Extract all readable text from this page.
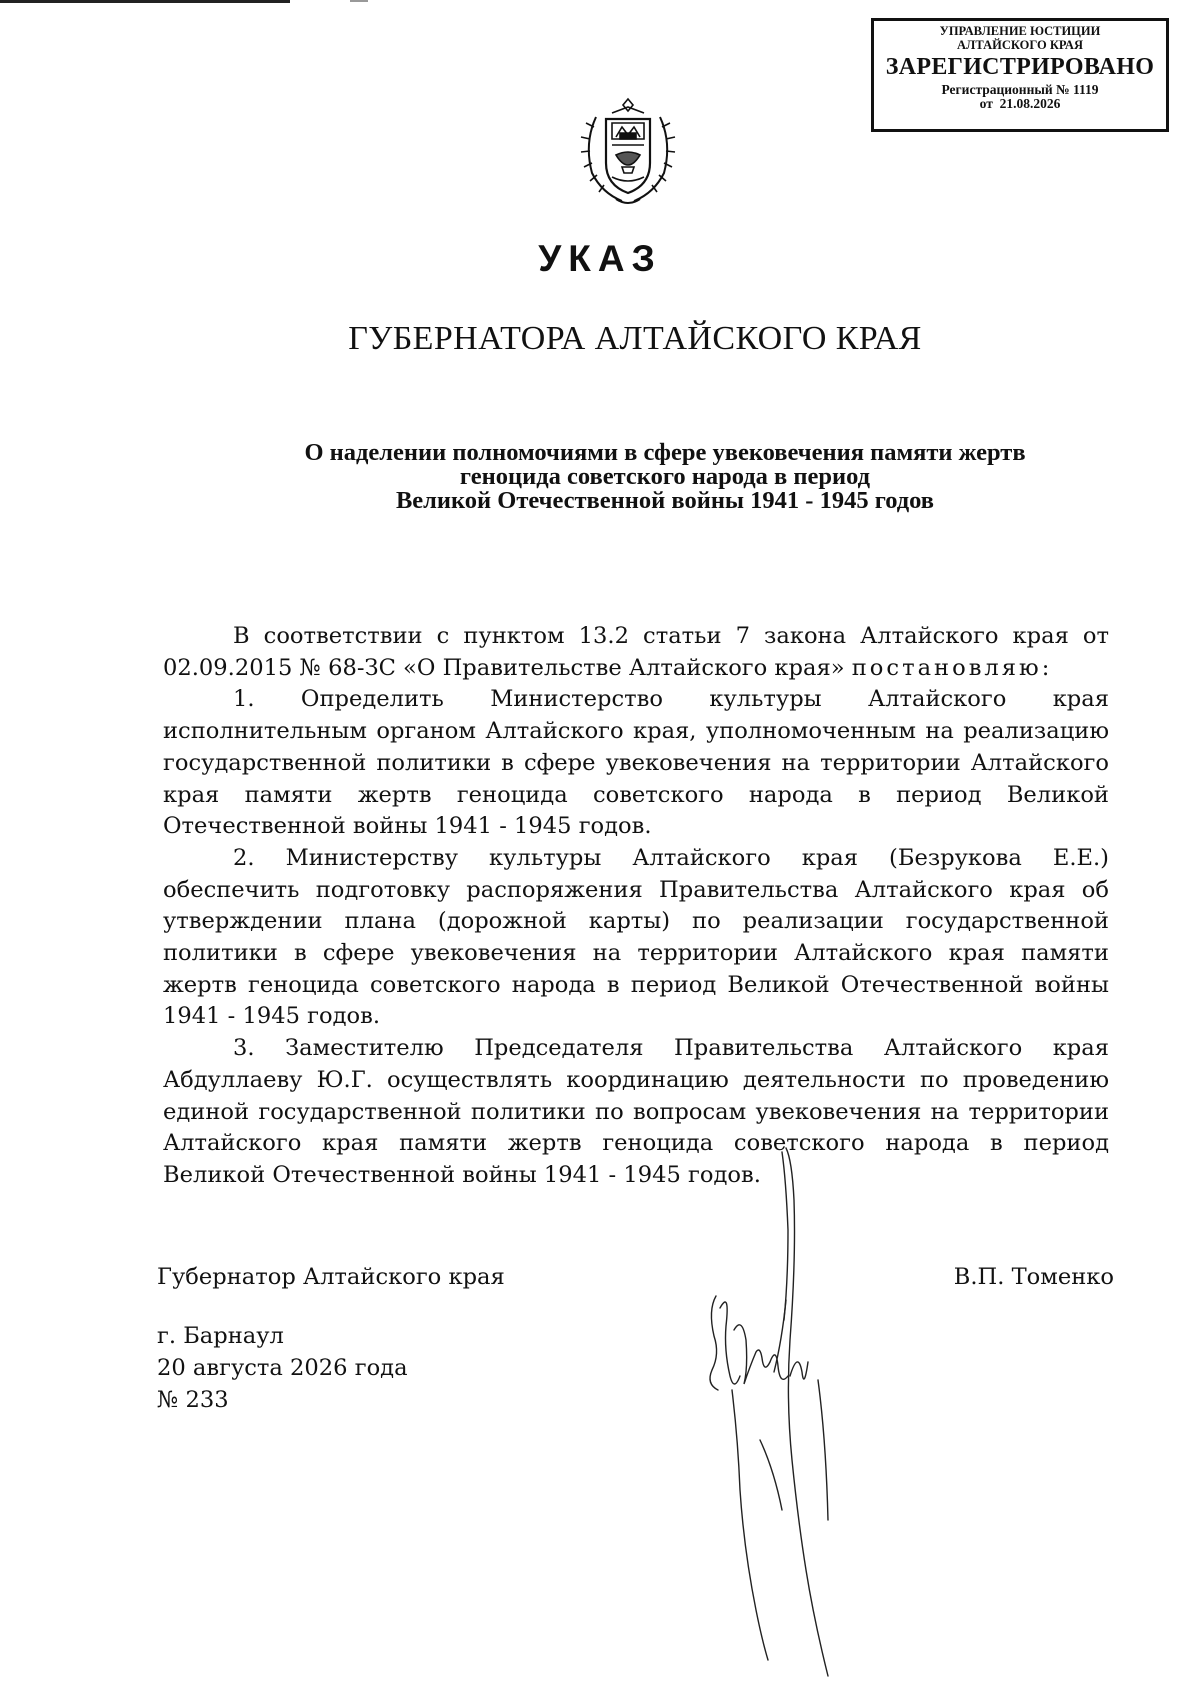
УПРАВЛЕНИЕ ЮСТИЦИИ
АЛТАЙСКОГО КРАЯ
ЗАРЕГИСТРИРОВАНО
Регистрационный № 1119
от  21.08.2026
УКАЗ
ГУБЕРНАТОРА АЛТАЙСКОГО КРАЯ
О наделении полномочиями в сфере увековечения памяти жертв
геноцида советского народа в период
Великой Отечественной войны 1941 - 1945 годов

В соответствии с пунктом 13.2 статьи 7 закона Алтайского края от 02.09.2015 № 68-ЗС «О Правительстве Алтайского края» постановляю:

1. Определить Министерство культуры Алтайского края исполнительным органом Алтайского края, уполномоченным на реализацию государственной политики в сфере увековечения на территории Алтайского края памяти жертв геноцида советского народа в период Великой Отечественной войны 1941 - 1945 годов.

2. Министерству культуры Алтайского края (Безрукова Е.Е.) обеспечить подготовку распоряжения Правительства Алтайского края об утверждении плана (дорожной карты) по реализации государственной политики в сфере увековечения на территории Алтайского края памяти жертв геноцида советского народа в период Великой Отечественной войны 1941 - 1945 годов.

3. Заместителю Председателя Правительства Алтайского края Абдуллаеву Ю.Г. осуществлять координацию деятельности по проведению единой государственной политики по вопросам увековечения на территории Алтайского края памяти жертв геноцида советского народа в период Великой Отечественной войны 1941 - 1945 годов.

Губернатор Алтайского края	В.П. Томенко
г. Барнаул
20 августа 2026 года
№ 233
